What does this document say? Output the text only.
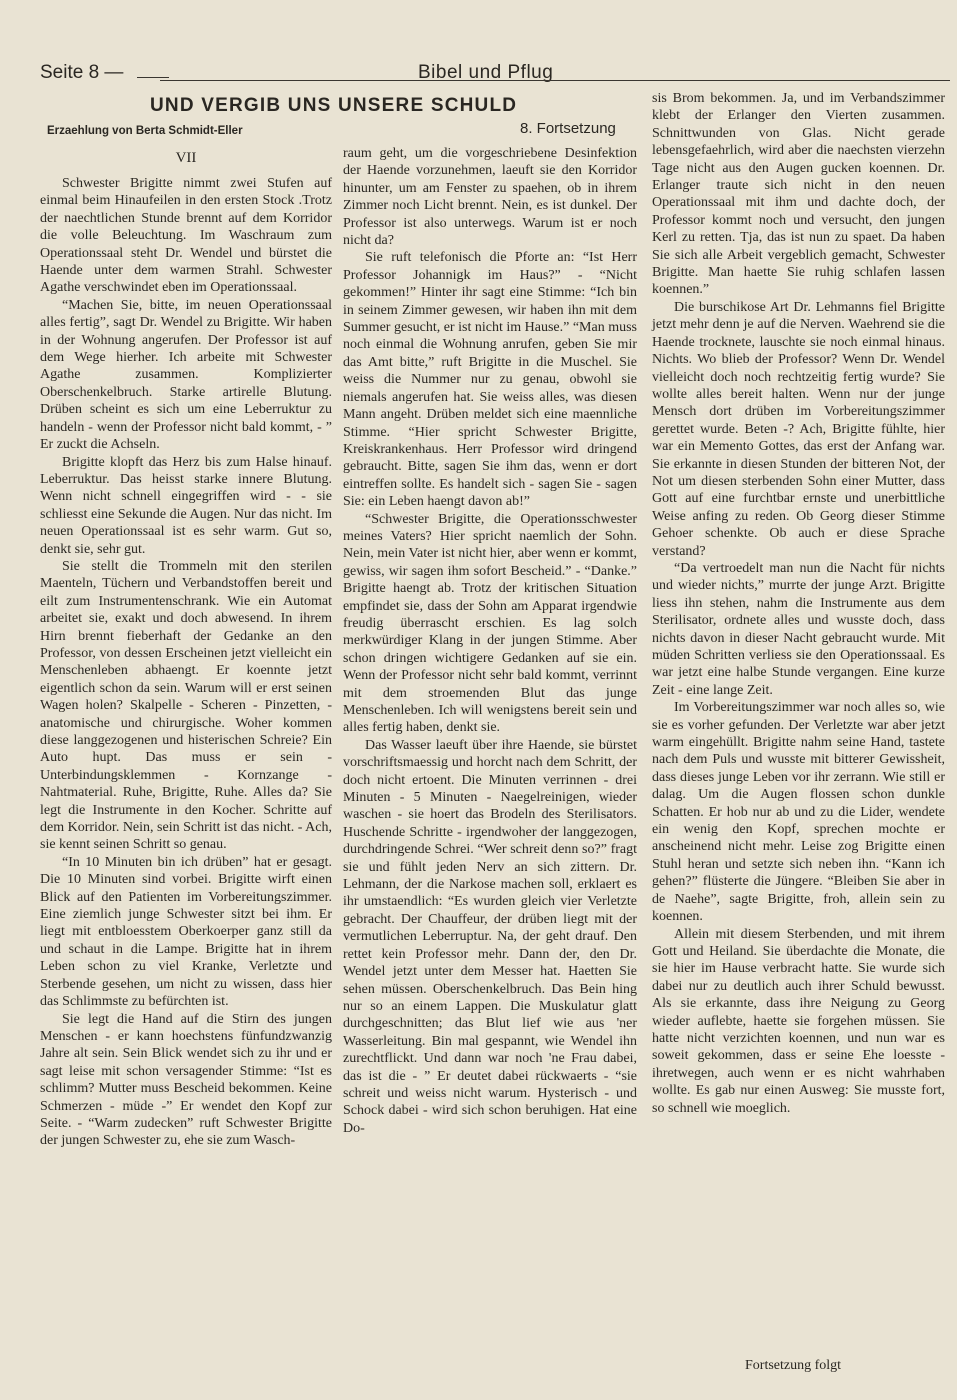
Seite 8 —	Bibel und Pflug
UND VERGIB UNS UNSERE SCHULD
Erzaehlung von Berta Schmidt-Eller	8. Fortsetzung
VII

Schwester Brigitte nimmt zwei Stufen auf einmal beim Hinaufeilen in den ersten Stock .Trotz der naechtlichen Stunde brennt auf dem Korridor die volle Beleuchtung. Im Waschraum zum Operationssaal steht Dr. Wendel und bürstet die Haende unter dem warmen Strahl. Schwester Agathe verschwindet eben im Operationssaal.

“Machen Sie, bitte, im neuen Operationssaal alles fertig”, sagt Dr. Wendel zu Brigitte. Wir haben in der Wohnung angerufen. Der Professor ist auf dem Wege hierher. Ich arbeite mit Schwester Agathe zusammen. Komplizierter Oberschenkelbruch. Starke artirelle Blutung. Drüben scheint es sich um eine Leberruktur zu handeln - wenn der Professor nicht bald kommt, - ” Er zuckt die Achseln.

Brigitte klopft das Herz bis zum Halse hinauf. Leberruktur. Das heisst starke innere Blutung. Wenn nicht schnell eingegriffen wird - - sie schliesst eine Sekunde die Augen. Nur das nicht. Im neuen Operationssaal ist es sehr warm. Gut so, denkt sie, sehr gut.

Sie stellt die Trommeln mit den sterilen Maenteln, Tüchern und Verbandstoffen bereit und eilt zum Instrumentenschrank. Wie ein Automat arbeitet sie, exakt und doch abwesend. In ihrem Hirn brennt fieberhaft der Gedanke an den Professor, von dessen Erscheinen jetzt vielleicht ein Menschenleben abhaengt. Er koennte jetzt eigentlich schon da sein. Warum will er erst seinen Wagen holen? Skalpelle - Scheren - Pinzetten, - anatomische und chirurgische. Woher kommen diese langgezogenen und histerischen Schreie? Ein Auto hupt. Das muss er sein - Unterbindungsklemmen - Kornzange - Nahtmaterial. Ruhe, Brigitte, Ruhe. Alles da? Sie legt die Instrumente in den Kocher. Schritte auf dem Korridor. Nein, sein Schritt ist das nicht. - Ach, sie kennt seinen Schritt so genau.

“In 10 Minuten bin ich drüben” hat er gesagt. Die 10 Minuten sind vorbei. Brigitte wirft einen Blick auf den Patienten im Vorbereitungszimmer. Eine ziemlich junge Schwester sitzt bei ihm. Er liegt mit entbloesstem Oberkoerper ganz still da und schaut in die Lampe. Brigitte hat in ihrem Leben schon zu viel Kranke, Verletzte und Sterbende gesehen, um nicht zu wissen, dass hier das Schlimmste zu befürchten ist.

Sie legt die Hand auf die Stirn des jungen Menschen - er kann hoechstens fünfundzwanzig Jahre alt sein. Sein Blick wendet sich zu ihr und er sagt leise mit schon versagender Stimme: “Ist es schlimm? Mutter muss Bescheid bekommen. Keine Schmerzen - müde -” Er wendet den Kopf zur Seite. - “Warm zudecken” ruft Schwester Brigitte der jungen Schwester zu, ehe sie zum Wasch-

raum geht, um die vorgeschriebene Desinfektion der Haende vorzunehmen, laeuft sie den Korridor hinunter, um am Fenster zu spaehen, ob in ihrem Zimmer noch Licht brennt. Nein, es ist dunkel. Der Professor ist also unterwegs. Warum ist er noch nicht da?

Sie ruft telefonisch die Pforte an: “Ist Herr Professor Johannigk im Haus?” - “Nicht gekommen!” Hinter ihr sagt eine Stimme: “Ich bin in seinem Zimmer gewesen, wir haben ihn mit dem Summer gesucht, er ist nicht im Hause.” “Man muss noch einmal die Wohnung anrufen, geben Sie mir das Amt bitte,” ruft Brigitte in die Muschel. Sie weiss die Nummer nur zu genau, obwohl sie niemals angerufen hat. Sie weiss alles, was diesen Mann angeht. Drüben meldet sich eine maennliche Stimme. “Hier spricht Schwester Brigitte, Kreiskrankenhaus. Herr Professor wird dringend gebraucht. Bitte, sagen Sie ihm das, wenn er dort eintreffen sollte. Es handelt sich - sagen Sie - sagen Sie: ein Leben haengt davon ab!”

“Schwester Brigitte, die Operationsschwester meines Vaters? Hier spricht naemlich der Sohn. Nein, mein Vater ist nicht hier, aber wenn er kommt, gewiss, wir sagen ihm sofort Bescheid.” - “Danke.” Brigitte haengt ab. Trotz der kritischen Situation empfindet sie, dass der Sohn am Apparat irgendwie freudig überrascht erschien. Es lag solch merkwürdiger Klang in der jungen Stimme. Aber schon dringen wichtigere Gedanken auf sie ein. Wenn der Professor nicht sehr bald kommt, verrinnt mit dem stroemenden Blut das junge Menschenleben. Ich will wenigstens bereit sein und alles fertig haben, denkt sie.

Das Wasser laeuft über ihre Haende, sie bürstet vorschriftsmaessig und horcht nach dem Schritt, der doch nicht ertoent. Die Minuten verrinnen - drei Minuten - 5 Minuten - Naegelreinigen, wieder waschen - sie hoert das Brodeln des Sterilisators. Huschende Schritte - irgendwoher der langgezogen, durchdringende Schrei. “Wer schreit denn so?” fragt sie und fühlt jeden Nerv an sich zittern. Dr. Lehmann, der die Narkose machen soll, erklaert es ihr umstaendlich: “Es wurden gleich vier Verletzte gebracht. Der Chauffeur, der drüben liegt mit der vermutlichen Leberruptur. Na, der geht drauf. Den rettet kein Professor mehr. Dann der, den Dr. Wendel jetzt unter dem Messer hat. Haetten Sie sehen müssen. Oberschenkelbruch. Das Bein hing nur so an einem Lappen. Die Muskulatur glatt durchgeschnitten; das Blut lief wie aus 'ner Wasserleitung. Bin mal gespannt, wie Wendel ihn zurechtflickt. Und dann war noch 'ne Frau dabei, das ist die - ” Er deutet dabei rückwaerts - “sie schreit und weiss nicht warum. Hysterisch - und Schock dabei - wird sich schon beruhigen. Hat eine Do-

sis Brom bekommen. Ja, und im Verbandszimmer klebt der Erlanger den Vierten zusammen. Schnittwunden von Glas. Nicht gerade lebensgefaehrlich, wird aber die naechsten vierzehn Tage nicht aus den Augen gucken koennen. Dr. Erlanger traute sich nicht in den neuen Operationssaal mit ihm und dachte doch, der Professor kommt noch und versucht, den jungen Kerl zu retten. Tja, das ist nun zu spaet. Da haben Sie sich alle Arbeit vergeblich gemacht, Schwester Brigitte. Man haette Sie ruhig schlafen lassen koennen.”

Die burschikose Art Dr. Lehmanns fiel Brigitte jetzt mehr denn je auf die Nerven. Waehrend sie die Haende trocknete, lauschte sie noch einmal hinaus. Nichts. Wo blieb der Professor? Wenn Dr. Wendel vielleicht doch noch rechtzeitig fertig wurde? Sie wollte alles bereit halten. Wenn nur der junge Mensch dort drüben im Vorbereitungszimmer gerettet wurde. Beten -? Ach, Brigitte fühlte, hier war ein Memento Gottes, das erst der Anfang war. Sie erkannte in diesen Stunden der bitteren Not, der Not um diesen sterbenden Sohn einer Mutter, dass Gott auf eine furchtbar ernste und unerbittliche Weise anfing zu reden. Ob Georg dieser Stimme Gehoer schenkte. Ob auch er diese Sprache verstand?

“Da vertroedelt man nun die Nacht für nichts und wieder nichts,” murrte der junge Arzt. Brigitte liess ihn stehen, nahm die Instrumente aus dem Sterilisator, ordnete alles und wusste doch, dass nichts davon in dieser Nacht gebraucht wurde. Mit müden Schritten verliess sie den Operationssaal. Es war jetzt eine halbe Stunde vergangen. Eine kurze Zeit - eine lange Zeit.

Im Vorbereitungszimmer war noch alles so, wie sie es vorher gefunden. Der Verletzte war aber jetzt warm eingehüllt. Brigitte nahm seine Hand, tastete nach dem Puls und wusste mit bitterer Gewissheit, dass dieses junge Leben vor ihr zerrann. Wie still er dalag. Um die Augen flossen schon dunkle Schatten. Er hob nur ab und zu die Lider, wendete ein wenig den Kopf, sprechen mochte er anscheinend nicht mehr. Leise zog Brigitte einen Stuhl heran und setzte sich neben ihn. “Kann ich gehen?” flüsterte die Jüngere. “Bleiben Sie aber in de Naehe”, sagte Brigitte, froh, allein sein zu koennen.

Allein mit diesem Sterbenden, und mit ihrem Gott und Heiland. Sie überdachte die Monate, die sie hier im Hause verbracht hatte. Sie wurde sich dabei nur zu deutlich auch ihrer Schuld bewusst. Als sie erkannte, dass ihre Neigung zu Georg wieder auflebte, haette sie forgehen müssen. Sie hatte nicht verzichten koennen, und nun war es soweit gekommen, dass er seine Ehe loesste - ihretwegen, auch wenn er es nicht wahrhaben wollte. Es gab nur einen Ausweg: Sie musste fort, so schnell wie moeglich.

Fortsetzung folgt
